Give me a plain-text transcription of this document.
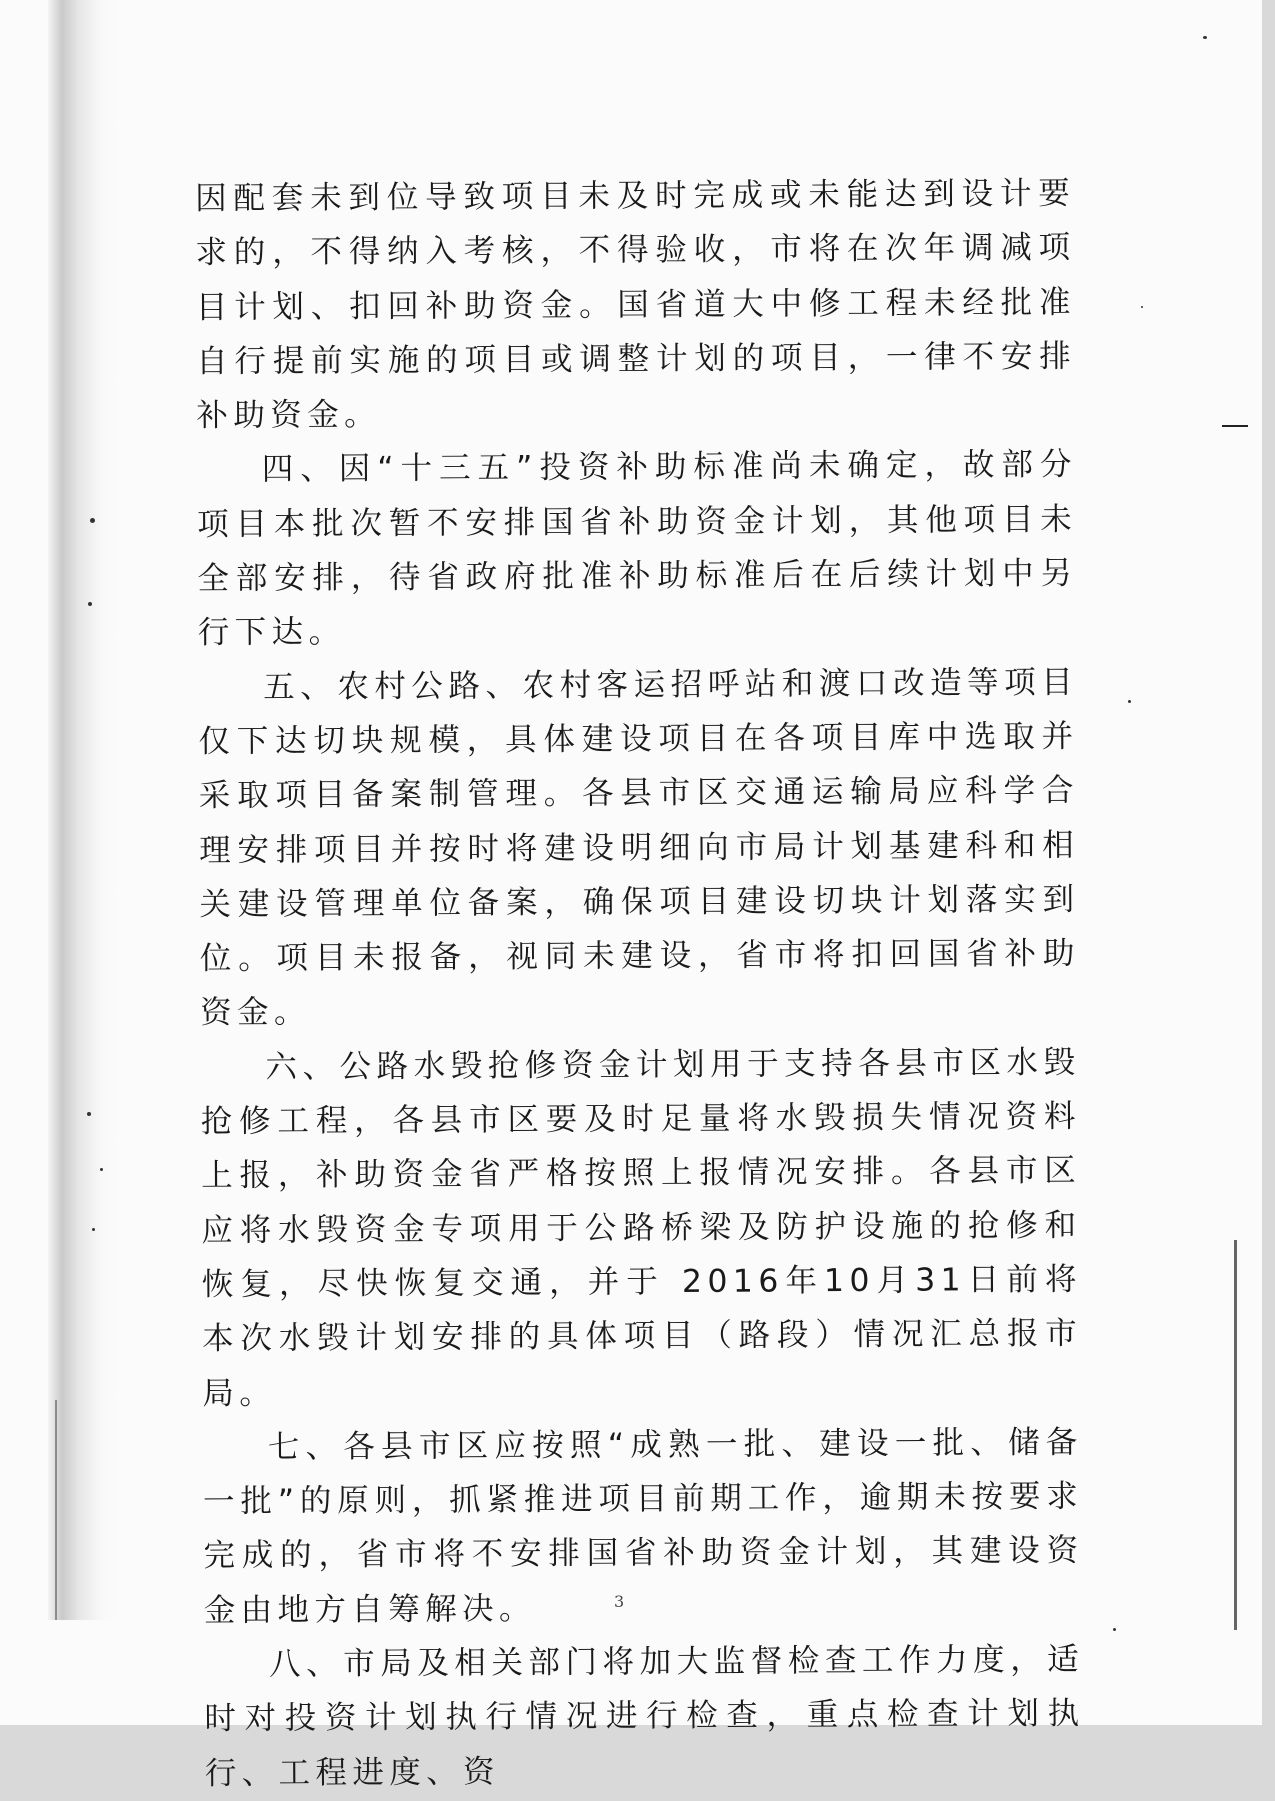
因配套未到位导致项目未及时完成或未能达到设计要求的，不得纳入考核，不得验收，市将在次年调减项目计划、扣回补助资金。国省道大中修工程未经批准自行提前实施的项目或调整计划的项目，一律不安排补助资金。

四、因“十三五”投资补助标准尚未确定，故部分项目本批次暂不安排国省补助资金计划，其他项目未全部安排，待省政府批准补助标准后在后续计划中另行下达。

五、农村公路、农村客运招呼站和渡口改造等项目仅下达切块规模，具体建设项目在各项目库中选取并采取项目备案制管理。各县市区交通运输局应科学合理安排项目并按时将建设明细向市局计划基建科和相关建设管理单位备案，确保项目建设切块计划落实到位。项目未报备，视同未建设，省市将扣回国省补助资金。

六、公路水毁抢修资金计划用于支持各县市区水毁抢修工程，各县市区要及时足量将水毁损失情况资料上报，补助资金省严格按照上报情况安排。各县市区应将水毁资金专项用于公路桥梁及防护设施的抢修和恢复，尽快恢复交通，并于 2016年10月31日前将本次水毁计划安排的具体项目（路段）情况汇总报市局。

七、各县市区应按照“成熟一批、建设一批、储备一批”的原则，抓紧推进项目前期工作，逾期未按要求完成的，省市将不安排国省补助资金计划，其建设资金由地方自筹解决。

八、市局及相关部门将加大监督检查工作力度，适时对投资计划执行情况进行检查，重点检查计划执行、工程进度、资

3
